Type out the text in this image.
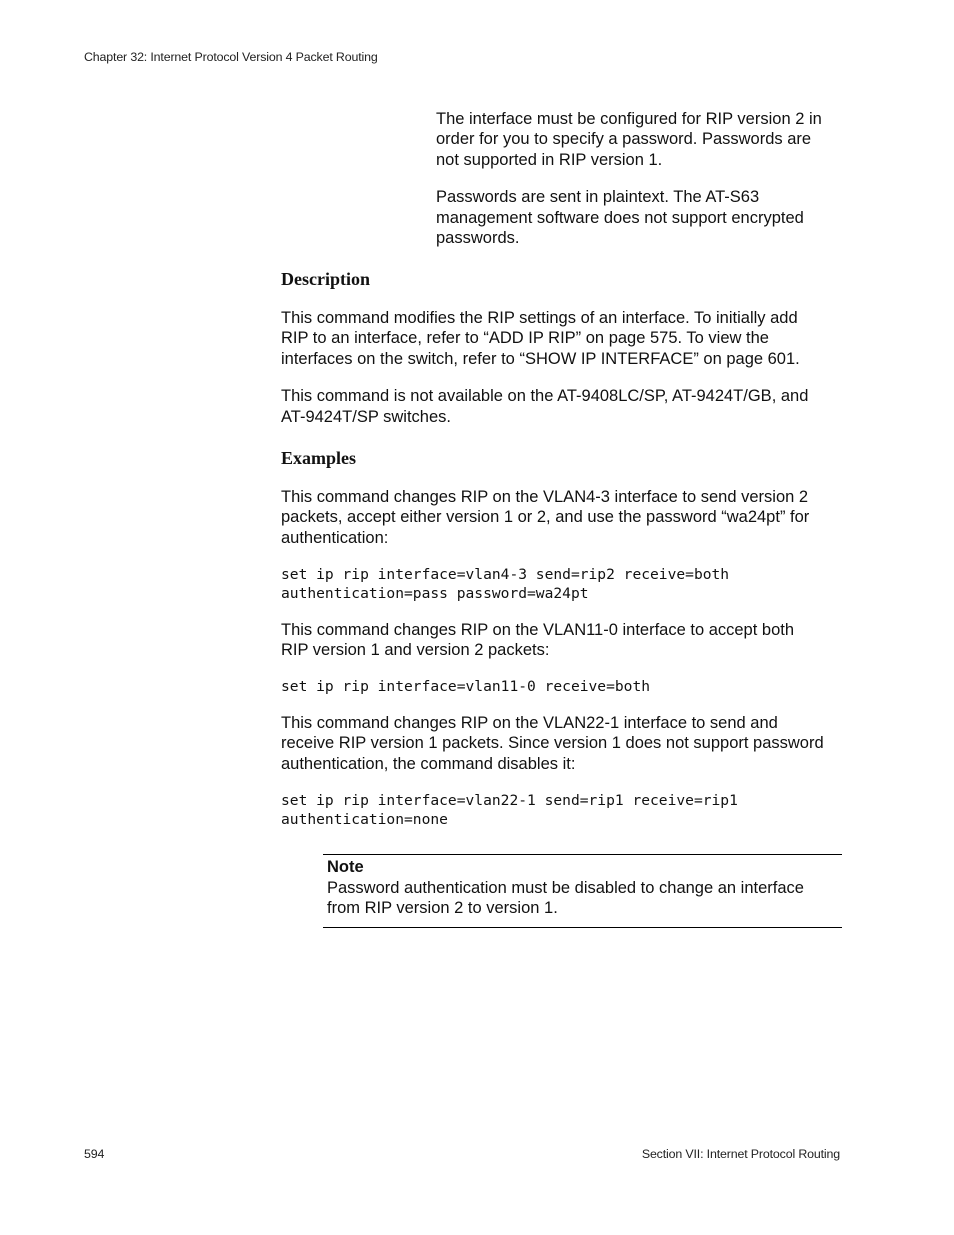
Chapter 32: Internet Protocol Version 4 Packet Routing

The interface must be configured for RIP version 2 in
order for you to specify a password. Passwords are
not supported in RIP version 1.

Passwords are sent in plaintext. The AT-S63
management software does not support encrypted
passwords.

Description

This command modifies the RIP settings of an interface. To initially add
RIP to an interface, refer to “ADD IP RIP” on page 575. To view the
interfaces on the switch, refer to “SHOW IP INTERFACE” on page 601.

This command is not available on the AT-9408LC/SP, AT-9424T/GB, and
AT-9424T/SP switches.

Examples

This command changes RIP on the VLAN4-3 interface to send version 2
packets, accept either version 1 or 2, and use the password “wa24pt” for
authentication:

set ip rip interface=vlan4-3 send=rip2 receive=both
authentication=pass password=wa24pt

This command changes RIP on the VLAN11-0 interface to accept both
RIP version 1 and version 2 packets:

set ip rip interface=vlan11-0 receive=both

This command changes RIP on the VLAN22-1 interface to send and
receive RIP version 1 packets. Since version 1 does not support password
authentication, the command disables it:

set ip rip interface=vlan22-1 send=rip1 receive=rip1
authentication=none
Note
Password authentication must be disabled to change an interface
from RIP version 2 to version 1.
594	Section VII: Internet Protocol Routing
